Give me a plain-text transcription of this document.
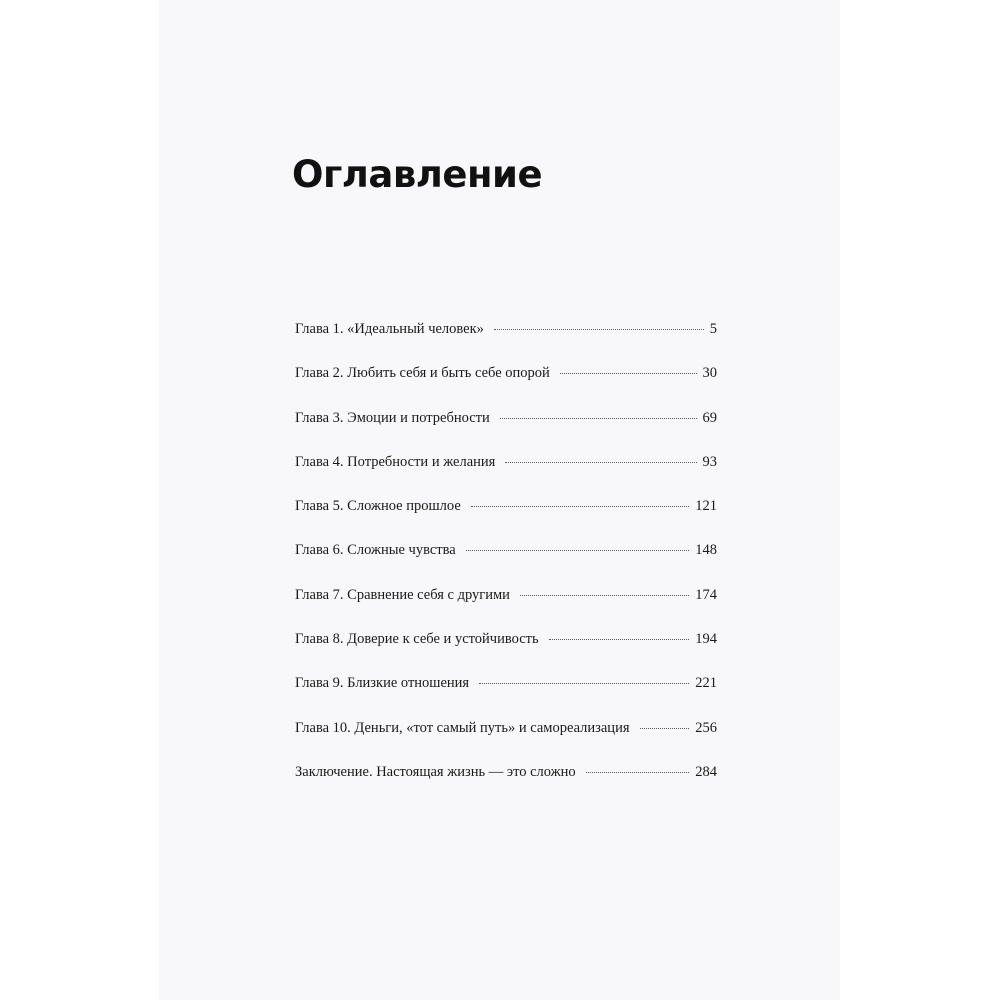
Оглавление
Глава 1. «Идеальный человек»	5
Глава 2. Любить себя и быть себе опорой	30
Глава 3. Эмоции и потребности	69
Глава 4. Потребности и желания	93
Глава 5. Сложное прошлое	121
Глава 6. Сложные чувства	148
Глава 7. Сравнение себя с другими	174
Глава 8. Доверие к себе и устойчивость	194
Глава 9. Близкие отношения	221
Глава 10. Деньги, «тот самый путь» и самореализация	256
Заключение. Настоящая жизнь — это сложно	284
